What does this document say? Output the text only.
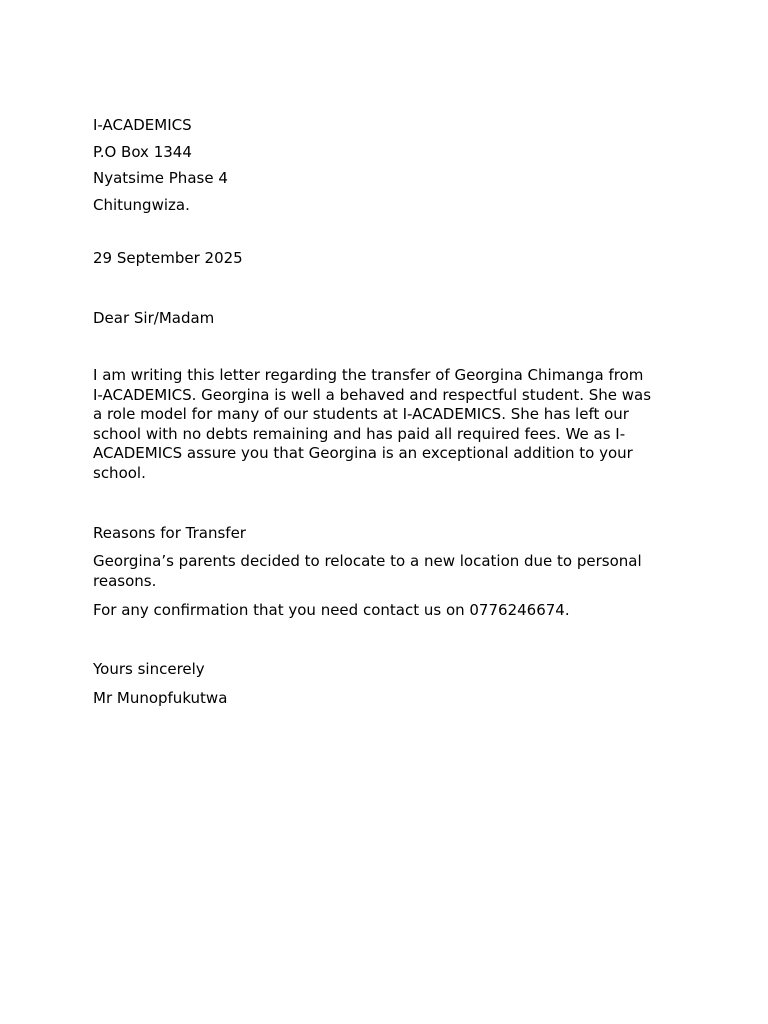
I-ACADEMICS
P.O Box 1344
Nyatsime Phase 4
Chitungwiza.
29 September 2025
Dear Sir/Madam
I am writing this letter regarding the transfer of Georgina Chimanga from
I-ACADEMICS. Georgina is well a behaved and respectful student. She was
a role model for many of our students at I-ACADEMICS. She has left our
school with no debts remaining and has paid all required fees. We as I-
ACADEMICS assure you that Georgina is an exceptional addition to your
school.
Reasons for Transfer
Georgina’s parents decided to relocate to a new location due to personal
reasons.
For any confirmation that you need contact us on 0776246674.
Yours sincerely
Mr Munopfukutwa
